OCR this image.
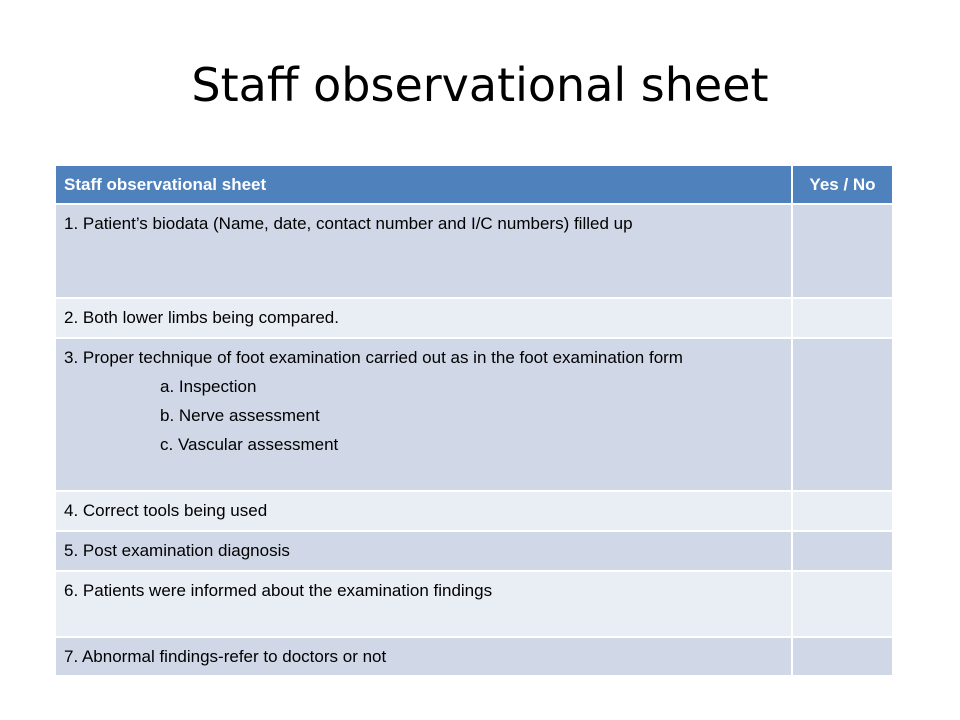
Staff observational sheet
Staff observational sheet	Yes / No

1. Patient’s biodata (Name, date, contact number and I/C numbers) filled up	

2. Both lower limbs being compared.	

3. Proper technique of foot examination carried out as in the foot examination form
a. Inspection
b. Nerve assessment
c. Vascular assessment	

4. Correct tools being used	

5. Post examination diagnosis	

6. Patients were informed about the examination findings	

7. Abnormal findings-refer to doctors or not	
